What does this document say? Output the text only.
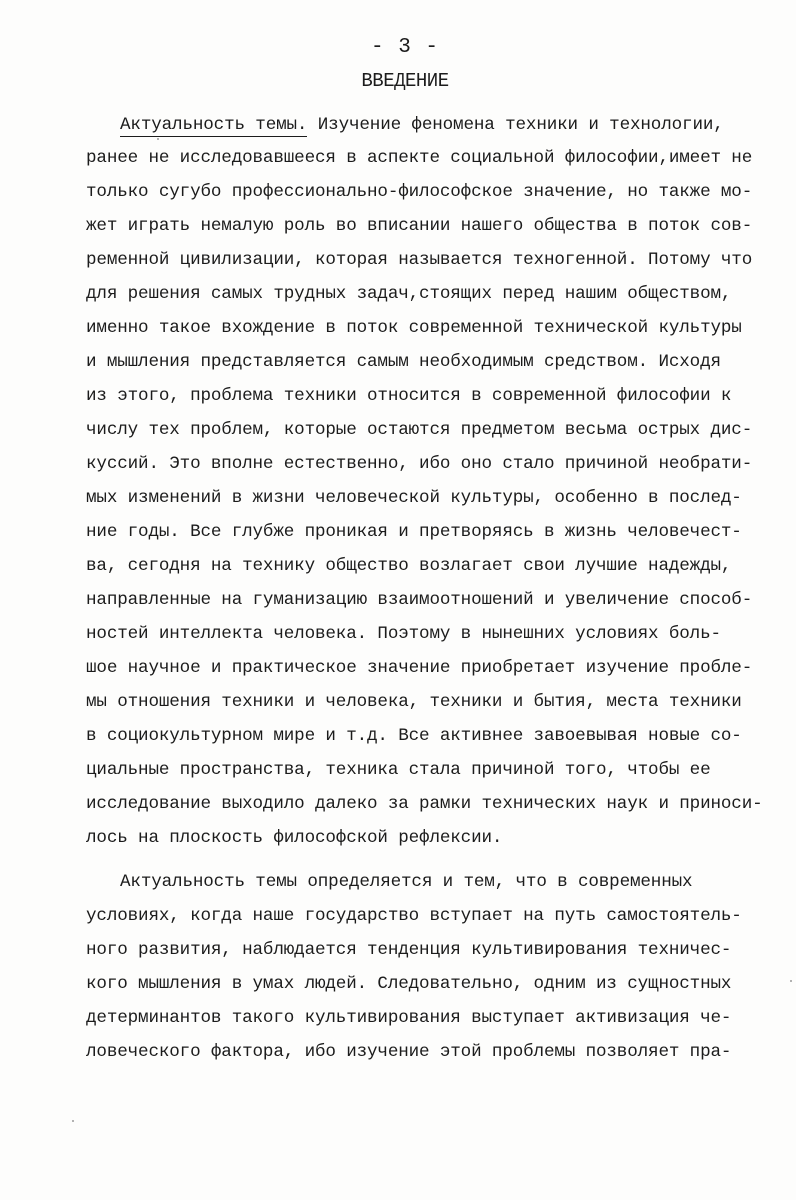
- 3 -
ВВЕДЕНИЕ
Актуальность темы. Изучение феномена техники и технологии,
ранее не исследовавшееся в аспекте социальной философии,имеет не
только сугубо профессионально-философское значение, но также мо-
жет играть немалую роль во вписании нашего общества в поток сов-
ременной цивилизации, которая называется техногенной. Потому что
для решения самых трудных задач,стоящих перед нашим обществом,
именно такое вхождение в поток современной технической культуры
и мышления представляется самым необходимым средством. Исходя
из этого, проблема техники относится в современной философии к
числу тех проблем, которые остаются предметом весьма острых дис-
куссий. Это вполне естественно, ибо оно стало причиной необрати-
мых изменений в жизни человеческой культуры, особенно в послед-
ние годы. Все глубже проникая и претворяясь в жизнь человечест-
ва, сегодня на технику общество возлагает свои лучшие надежды,
направленные на гуманизацию взаимоотношений и увеличение способ-
ностей интеллекта человека. Поэтому в нынешних условиях боль-
шое научное и практическое значение приобретает изучение пробле-
мы отношения техники и человека, техники и бытия, места техники
в социокультурном мире и т.д. Все активнее завоевывая новые со-
циальные пространства, техника стала причиной того, чтобы ее
исследование выходило далеко за рамки технических наук и приноси-
лось на плоскость философской рефлексии.
Актуальность темы определяется и тем, что в современных
условиях, когда наше государство вступает на путь самостоятель-
ного развития, наблюдается тенденция культивирования техничес-
кого мышления в умах людей. Следовательно, одним из сущностных
детерминантов такого культивирования выступает активизация че-
ловеческого фактора, ибо изучение этой проблемы позволяет пра-
